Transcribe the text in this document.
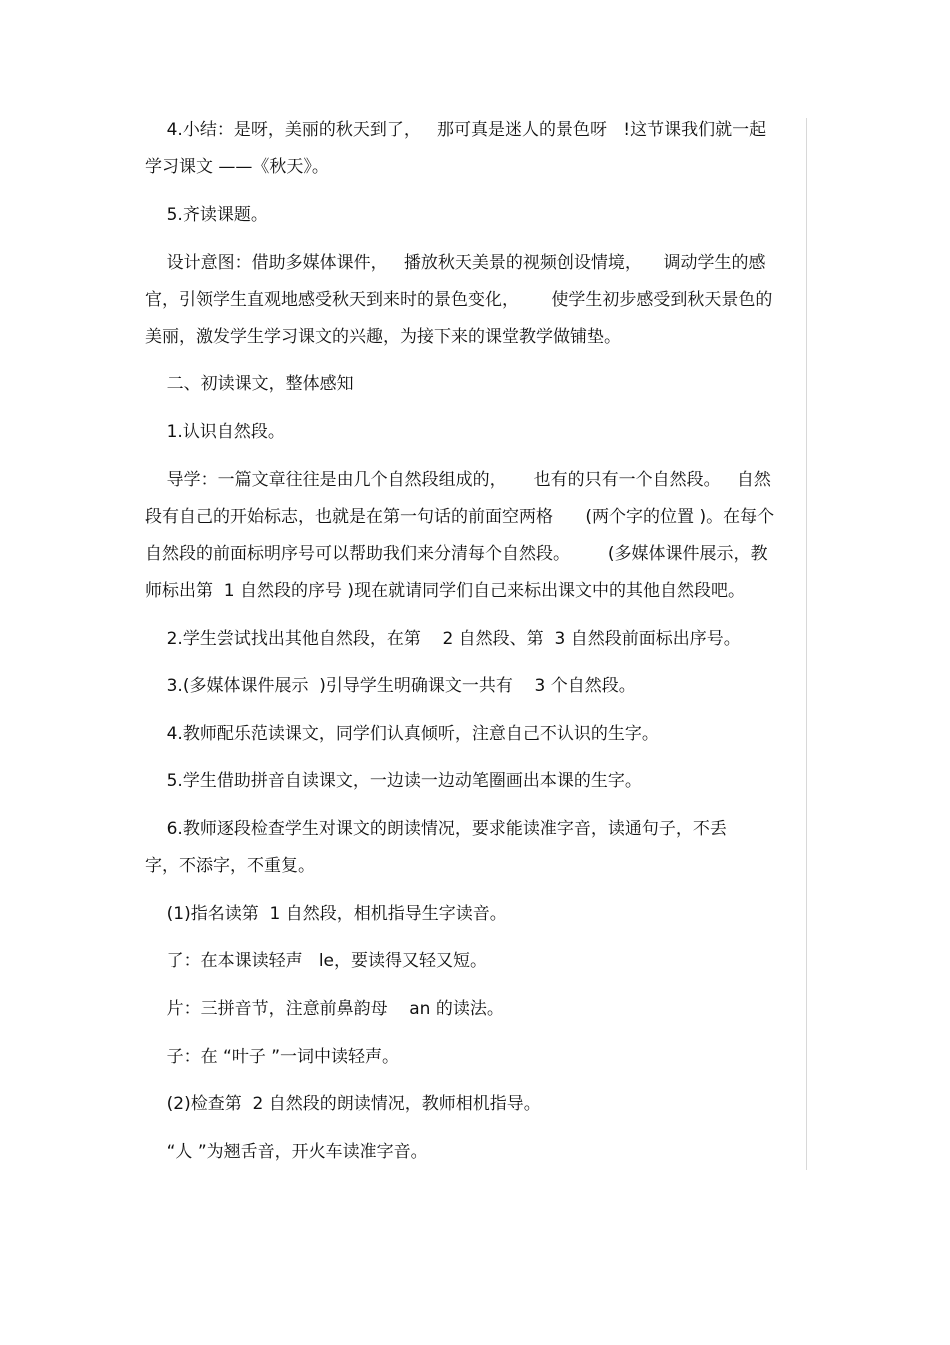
4.小结：是呀，美丽的秋天到了，   那可真是迷人的景色呀   !这节课我们就一起

学习课文 ——《秋天》。

5.齐读课题。

设计意图：借助多媒体课件，   播放秋天美景的视频创设情境，    调动学生的感

官，引领学生直观地感受秋天到来时的景色变化，      使学生初步感受到秋天景色的

美丽，激发学生学习课文的兴趣，为接下来的课堂教学做铺垫。

二、初读课文，整体感知

1.认识自然段。

导学：一篇文章往往是由几个自然段组成的，     也有的只有一个自然段。   自然

段有自己的开始标志，也就是在第一句话的前面空两格      (两个字的位置 )。在每个

自然段的前面标明序号可以帮助我们来分清每个自然段。       (多媒体课件展示，教

师标出第  1 自然段的序号 )现在就请同学们自己来标出课文中的其他自然段吧。

2.学生尝试找出其他自然段，在第    2 自然段、第  3 自然段前面标出序号。

3.(多媒体课件展示  )引导学生明确课文一共有    3 个自然段。

4.教师配乐范读课文，同学们认真倾听，注意自己不认识的生字。

5.学生借助拼音自读课文，一边读一边动笔圈画出本课的生字。

6.教师逐段检查学生对课文的朗读情况，要求能读准字音，读通句子，不丢

字，不添字，不重复。

(1)指名读第  1 自然段，相机指导生字读音。

了：在本课读轻声   le，要读得又轻又短。

片：三拼音节，注意前鼻韵母    an 的读法。

子：在 “叶子 ”一词中读轻声。

(2)检查第  2 自然段的朗读情况，教师相机指导。

“人 ”为翘舌音，开火车读准字音。
